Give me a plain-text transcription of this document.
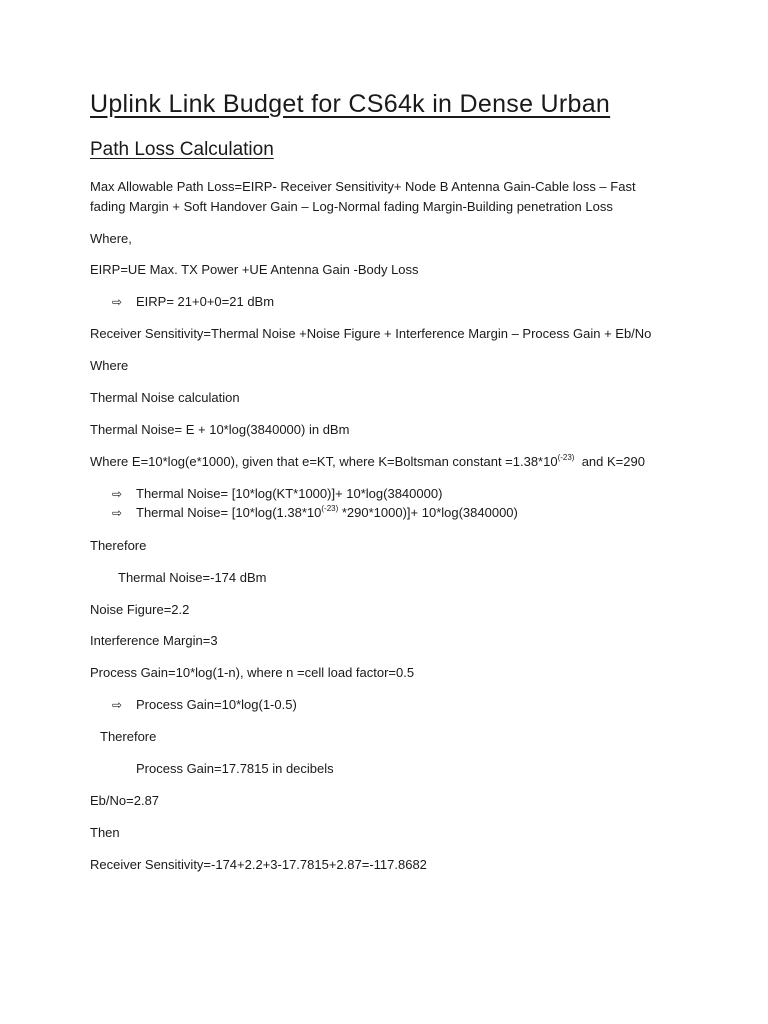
Uplink Link Budget for CS64k in Dense Urban
Path Loss Calculation

Max Allowable Path Loss=EIRP- Receiver Sensitivity+ Node B Antenna Gain-Cable loss – Fast fading Margin + Soft Handover Gain – Log-Normal fading Margin-Building penetration Loss

Where,

EIRP=UE Max. TX Power +UE Antenna Gain -Body Loss

⇨ EIRP= 21+0+0=21 dBm

Receiver Sensitivity=Thermal Noise +Noise Figure + Interference Margin – Process Gain + Eb/No

Where

Thermal Noise calculation

Thermal Noise= E + 10*log(3840000) in dBm

Where E=10*log(e*1000), given that e=KT, where K=Boltsman constant $=1.38*10^{(-23)}$  and K=290

⇨ Thermal Noise= [10*log(KT*1000)]+ 10*log(3840000)

⇨ Thermal Noise= [$10*\log(1.38*10^{(-23)}$ *290*1000)]+ 10*log(3840000)

Therefore

Thermal Noise=-174 dBm

Noise Figure=2.2

Interference Margin=3

Process Gain=10*log(1-n), where n =cell load factor=0.5

⇨ Process Gain=10*log(1-0.5)

Therefore

Process Gain=17.7815 in decibels

Eb/No=2.87

Then

Receiver Sensitivity=-174+2.2+3-17.7815+2.87=-117.8682
